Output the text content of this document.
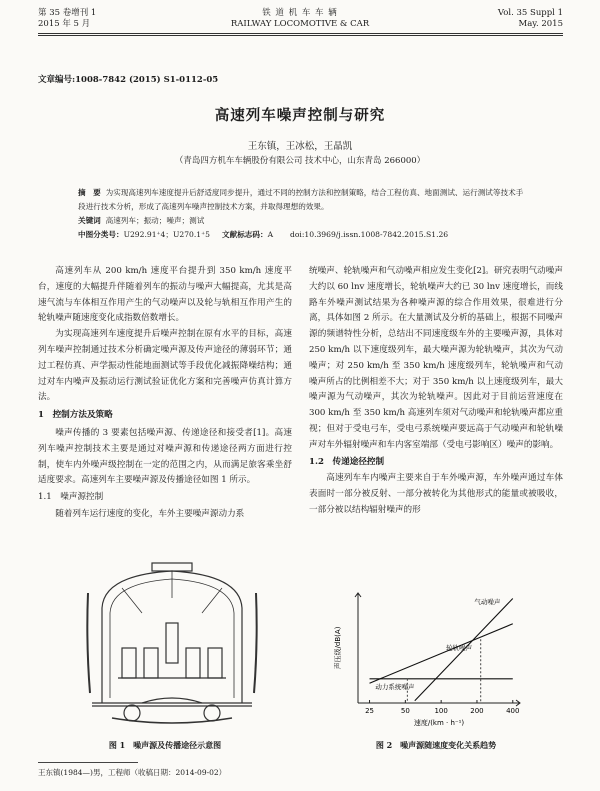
第 35 卷增刊 1
2015 年 5 月
铁 道 机 车 车 辆
RAILWAY LOCOMOTIVE & CAR
Vol. 35 Suppl 1
May. 2015
文章编号:1008-7842 (2015) S1-0112-05
高速列车噪声控制与研究
王东镇，王冰松，王晶凯
（青岛四方机车车辆股份有限公司 技术中心，山东青岛 266000）
摘　要 为实现高速列车速度提升后舒适度同步提升，通过不同的控制方法和控制策略，结合工程仿真、地面测试、运行测试等技术手段进行技术分析，形成了高速列车噪声控制技术方案，并取得理想的效果。
关键词 高速列车；振动；噪声；测试
中图分类号：U292.91⁺4；U270.1⁺5 文献标志码：A doi:10.3969/j.issn.1008-7842.2015.S1.26

高速列车从 200 km/h 速度平台提升到 350 km/h 速度平台，速度的大幅提升伴随着列车的振动与噪声大幅提高，尤其是高速气流与车体相互作用产生的气动噪声以及轮与轨相互作用产生的轮轨噪声随速度变化成指数倍数增长。

为实现高速列车速度提升后噪声控制在原有水平的目标，高速列车噪声控制通过技术分析确定噪声源及传声途径的薄弱环节；通过工程仿真、声学振动性能地面测试等手段优化减振降噪结构；通过对车内噪声及振动运行测试验证优化方案和完善噪声仿真计算方法。

1　控制方法及策略

噪声传播的 3 要素包括噪声源、传递途径和接受者[1]。高速列车噪声控制技术主要是通过对噪声源和传递途径两方面进行控制，使车内外噪声级控制在一定的范围之内，从而满足旅客乘坐舒适度要求。高速列车主要噪声源及传播途径如图 1 所示。

1.1　噪声源控制

随着列车运行速度的变化，车外主要噪声源动力系

图 1　噪声源及传播途径示意图

统噪声、轮轨噪声和气动噪声相应发生变化[2]。研究表明气动噪声大约以 60 lnv 速度增长，轮轨噪声大约已 30 lnv 速度增长，而线路车外噪声测试结果为各种噪声源的综合作用效果，很难进行分离，具体如图 2 所示。在大量测试及分析的基础上，根据不同噪声源的频谱特性分析，总结出不同速度级车外的主要噪声源，具体对 250 km/h 以下速度级列车，最大噪声源为轮轨噪声，其次为气动噪声；对 250 km/h 至 350 km/h 速度级列车，轮轨噪声和气动噪声所占的比例相差不大；对于 350 km/h 以上速度级列车，最大噪声源为气动噪声，其次为轮轨噪声。因此对于目前运营速度在 300 km/h 至 350 km/h 高速列车须对气动噪声和轮轨噪声都应重视；但对于受电弓车，受电弓系统噪声要远高于气动噪声和轮轨噪声对车外辐射噪声和车内客室端部（受电弓影响区）噪声的影响。

1.2　传递途径控制

高速列车车内噪声主要来自于车外噪声源，车外噪声通过车体表面时一部分被反射、一部分被转化为其他形式的能量或被吸收，一部分被以结构辐射噪声的形

25	50	100	200	400
速度/(km · h⁻¹)
声压级/dB(A)
动力系统噪声
轮轨噪声
气动噪声
图 2　噪声源随速度变化关系趋势
王东镇(1984—)男，工程师（收稿日期：2014-09-02）
